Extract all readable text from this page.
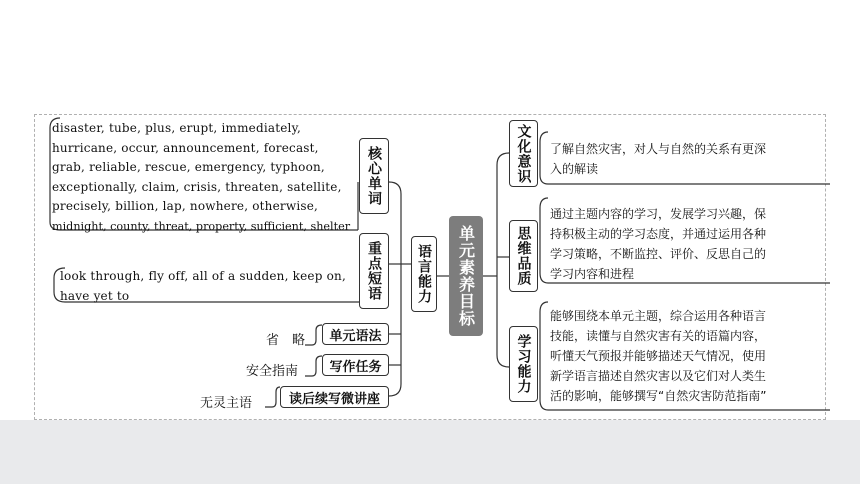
单元素养目标
语言能力
核心单词
disaster, tube, plus, erupt, immediately,
hurricane, occur, announcement, forecast,
grab, reliable, rescue, emergency, typhoon,
exceptionally, claim, crisis, threaten, satellite,
precisely, billion, lap, nowhere, otherwise,
midnight, county, threat, property, sufficient, shelter
重点短语
look through, fly off, all of a sudden, keep on,
have yet to
单元语法
省　略
写作任务
安全指南
读后续写微讲座
无灵主语
文化意识 了解自然灾害，对人与自然的关系有更深
入的解读
思维品质
通过主题内容的学习，发展学习兴趣，保
持积极主动的学习态度，并通过运用各种
学习策略，不断监控、评价、反思自己的
学习内容和进程
学习能力
能够围绕本单元主题，综合运用各种语言
技能，读懂与自然灾害有关的语篇内容，
听懂天气预报并能够描述天气情况，使用
新学语言描述自然灾害以及它们对人类生
活的影响，能够撰写“自然灾害防范指南”
